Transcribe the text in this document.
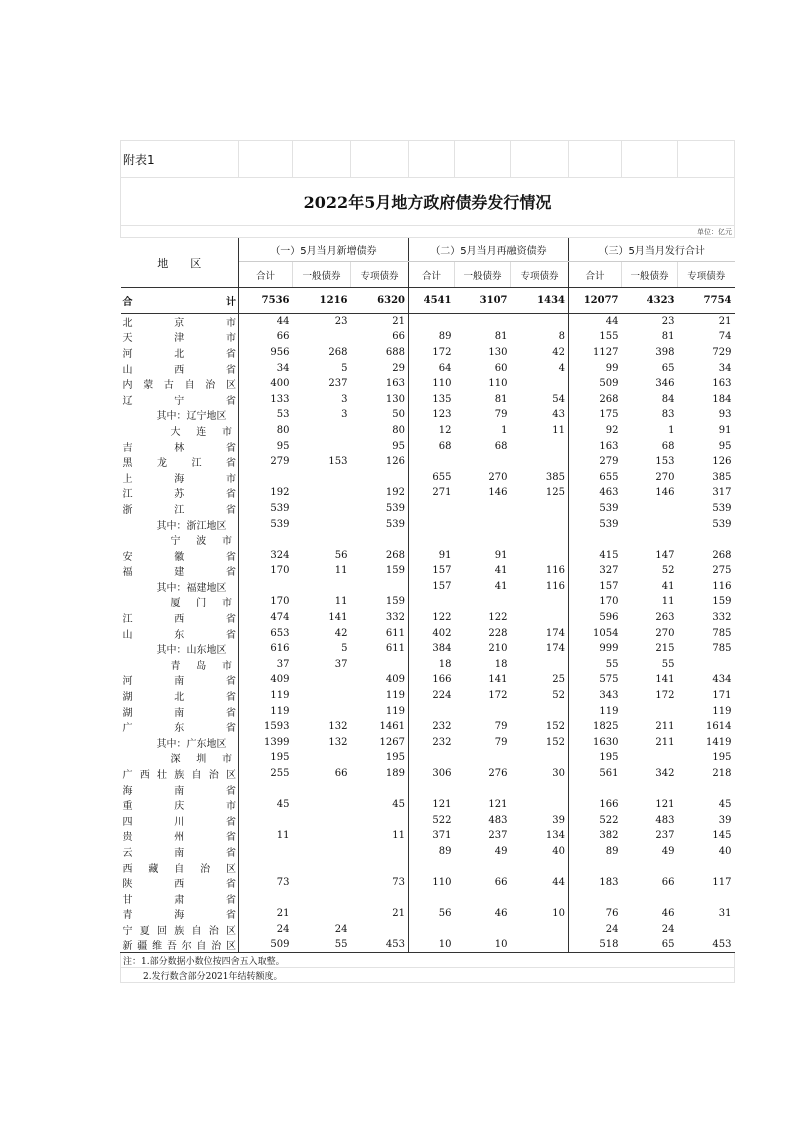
附表1									
2022年5月地方政府债券发行情况									
单位：亿元									
地　　区	（一）5月当月新增债券			（二）5月当月再融资债券			（三）5月当月发行合计		
	合计	一般债券	专项债券	合计	一般债券	专项债券	合计	一般债券	专项债券
合计	7536	1216	6320	4541	3107	1434	12077	4323	7754
北京市	44	23	21				44	23	21
天津市	66		66	89	81	8	155	81	74
河北省	956	268	688	172	130	42	1127	398	729
山西省	34	5	29	64	60	4	99	65	34
内蒙古自治区	400	237	163	110	110		509	346	163
辽宁省	133	3	130	135	81	54	268	84	184
其中：辽宁地区	53	3	50	123	79	43	175	83	93
大连市	80		80	12	1	11	92	1	91
吉林省	95		95	68	68		163	68	95
黑龙江省	279	153	126				279	153	126
上海市				655	270	385	655	270	385
江苏省	192		192	271	146	125	463	146	317
浙江省	539		539				539		539
其中：浙江地区	539		539				539		539
宁波市									
安徽省	324	56	268	91	91		415	147	268
福建省	170	11	159	157	41	116	327	52	275
其中：福建地区				157	41	116	157	41	116
厦门市	170	11	159				170	11	159
江西省	474	141	332	122	122		596	263	332
山东省	653	42	611	402	228	174	1054	270	785
其中：山东地区	616	5	611	384	210	174	999	215	785
青岛市	37	37		18	18		55	55	
河南省	409		409	166	141	25	575	141	434
湖北省	119		119	224	172	52	343	172	171
湖南省	119		119				119		119
广东省	1593	132	1461	232	79	152	1825	211	1614
其中：广东地区	1399	132	1267	232	79	152	1630	211	1419
深圳市	195		195				195		195
广西壮族自治区	255	66	189	306	276	30	561	342	218
海南省									
重庆市	45		45	121	121		166	121	45
四川省				522	483	39	522	483	39
贵州省	11		11	371	237	134	382	237	145
云南省				89	49	40	89	49	40
西藏自治区									
陕西省	73		73	110	66	44	183	66	117
甘肃省									
青海省	21		21	56	46	10	76	46	31
宁夏回族自治区	24	24					24	24	
新疆维吾尔自治区	509	55	453	10	10		518	65	453
注：1.部分数据小数位按四舍五入取整。									
2.发行数含部分2021年结转额度。									
